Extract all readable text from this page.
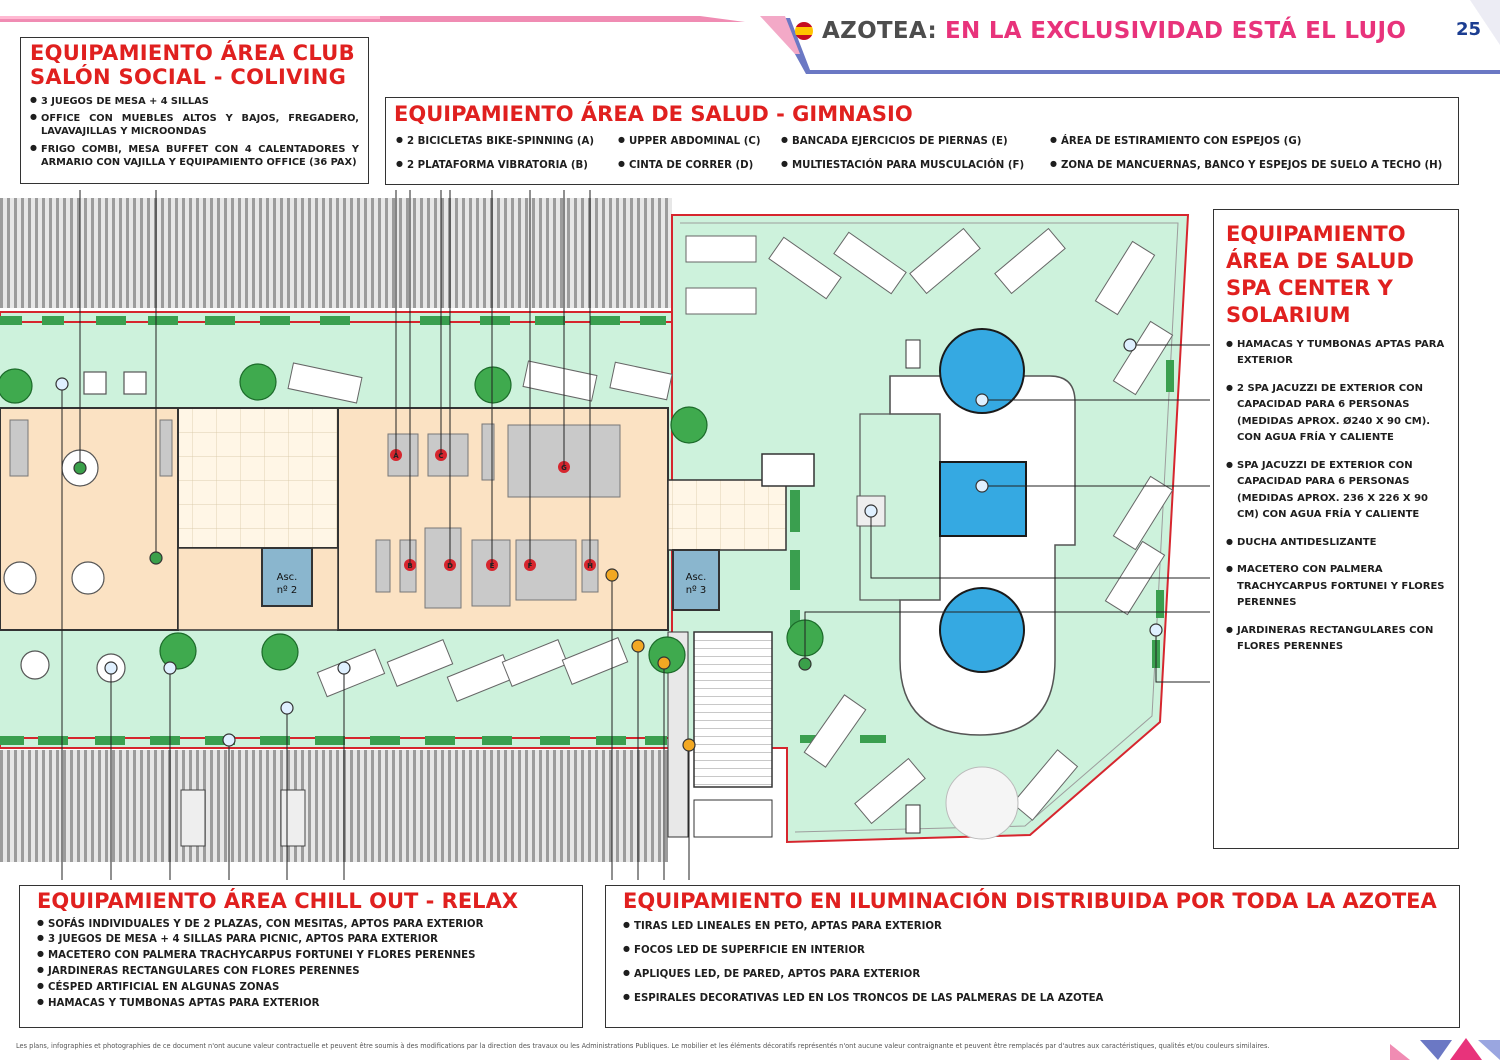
AZOTEA: EN LA EXCLUSIVIDAD ESTÁ EL LUJO	25
Asc.
nº 2
Asc.
nº 3
A	C
G
B	D	E	F	H
EQUIPAMIENTO ÁREA CLUB
SALÓN SOCIAL - COLIVING
● 3 JUEGOS DE MESA + 4 SILLAS
● OFFICE CON MUEBLES ALTOS Y BAJOS, FREGADERO, LAVAVAJILLAS Y MICROONDAS
● FRIGO COMBI, MESA BUFFET CON 4 CALENTADORES Y ARMARIO CON VAJILLA Y EQUIPAMIENTO OFFICE (36 PAX)
EQUIPAMIENTO ÁREA DE SALUD - GIMNASIO
● 2 BICICLETAS BIKE-SPINNING (A)	● UPPER ABDOMINAL (C)	● BANCADA EJERCICIOS DE PIERNAS (E)	● ÁREA DE ESTIRAMIENTO CON ESPEJOS (G)
● 2 PLATAFORMA VIBRATORIA (B)	● CINTA DE CORRER (D)	● MULTIESTACIÓN PARA MUSCULACIÓN (F)	● ZONA DE MANCUERNAS, BANCO Y ESPEJOS DE SUELO A TECHO (H)
EQUIPAMIENTO
ÁREA DE SALUD
SPA CENTER Y
SOLARIUM
● HAMACAS Y TUMBONAS APTAS PARA EXTERIOR
● 2 SPA JACUZZI DE EXTERIOR CON CAPACIDAD PARA 6 PERSONAS (MEDIDAS APROX. Ø240 X 90 CM). CON AGUA FRÍA Y CALIENTE
● SPA JACUZZI DE EXTERIOR CON CAPACIDAD PARA 6 PERSONAS (MEDIDAS APROX. 236 X 226 X 90 CM) CON AGUA FRÍA Y CALIENTE
● DUCHA ANTIDESLIZANTE
● MACETERO CON PALMERA TRACHYCARPUS FORTUNEI Y FLORES PERENNES
● JARDINERAS RECTANGULARES CON FLORES PERENNES
EQUIPAMIENTO ÁREA CHILL OUT - RELAX
● SOFÁS INDIVIDUALES Y DE 2 PLAZAS, CON MESITAS, APTOS PARA EXTERIOR
● 3 JUEGOS DE MESA + 4 SILLAS PARA PICNIC, APTOS PARA EXTERIOR
● MACETERO CON PALMERA TRACHYCARPUS FORTUNEI Y FLORES PERENNES
● JARDINERAS RECTANGULARES CON FLORES PERENNES
● CÉSPED ARTIFICIAL EN ALGUNAS ZONAS
● HAMACAS Y TUMBONAS APTAS PARA EXTERIOR
EQUIPAMIENTO EN ILUMINACIÓN DISTRIBUIDA POR TODA LA AZOTEA
● TIRAS LED LINEALES EN PETO, APTAS PARA EXTERIOR
● FOCOS LED DE SUPERFICIE EN INTERIOR
● APLIQUES LED, DE PARED, APTOS PARA EXTERIOR
● ESPIRALES DECORATIVAS LED EN LOS TRONCOS DE LAS PALMERAS DE LA AZOTEA
Les plans, infographies et photographies de ce document n'ont aucune valeur contractuelle et peuvent être soumis à des modifications par la direction des travaux ou les Administrations Publiques. Le mobilier et les éléments décoratifs représentés n'ont aucune valeur contraignante et peuvent être remplacés par d'autres aux caractéristiques, qualités et/ou couleurs similaires.
